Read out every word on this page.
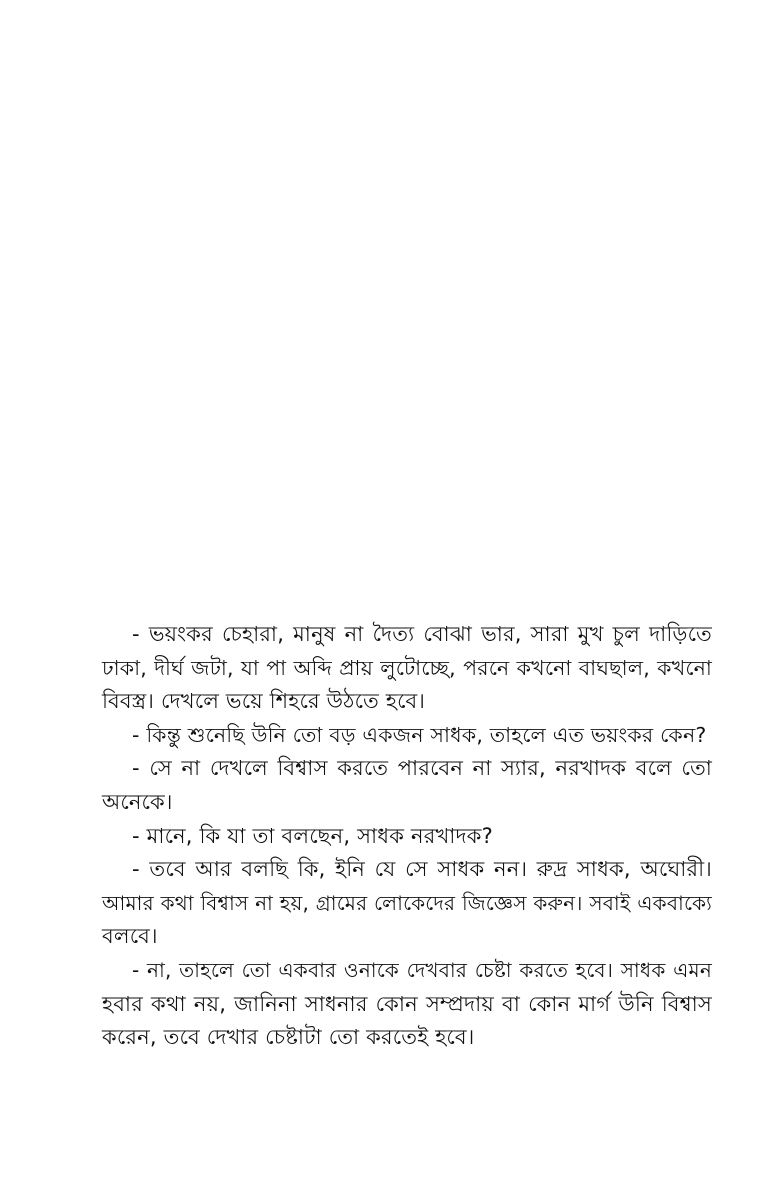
- ভয়ংকর চেহারা, মানুষ না দৈত্য বোঝা ভার, সারা মুখ চুল দাড়িতে
ঢাকা, দীর্ঘ জটা, যা পা অব্দি প্রায় লুটোচ্ছে, পরনে কখনো বাঘছাল, কখনো
বিবস্ত্র। দেখলে ভয়ে শিহরে উঠতে হবে।
- কিন্তু শুনেছি উনি তো বড় একজন সাধক, তাহলে এত ভয়ংকর কেন?
- সে না দেখলে বিশ্বাস করতে পারবেন না স্যার, নরখাদক বলে তো
অনেকে।
- মানে, কি যা তা বলছেন, সাধক নরখাদক?
- তবে আর বলছি কি, ইনি যে সে সাধক নন। রুদ্র সাধক, অঘোরী।
আমার কথা বিশ্বাস না হয়, গ্রামের লোকেদের জিজ্ঞেস করুন। সবাই একবাক্যে
বলবে।
- না, তাহলে তো একবার ওনাকে দেখবার চেষ্টা করতে হবে। সাধক এমন
হবার কথা নয়, জানিনা সাধনার কোন সম্প্রদায় বা কোন মার্গ উনি বিশ্বাস
করেন, তবে দেখার চেষ্টাটা তো করতেই হবে।
